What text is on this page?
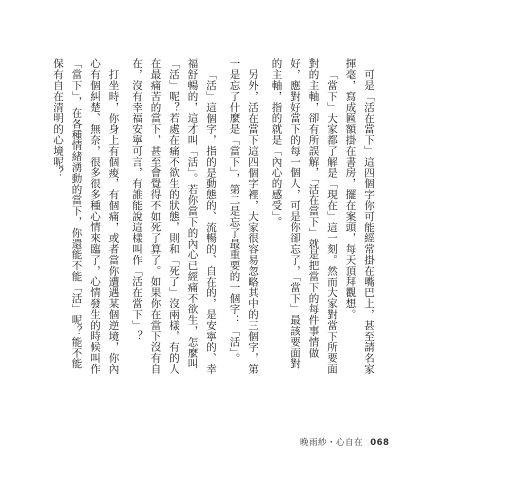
可是「活在當下」這四個字你可能經常掛在嘴巴上，甚至請名家揮毫，寫成匾額掛在書房，擺在案頭，每天頂拜觀想。

「當下」大家都了解是「現在」這一刻。然而大家對當下所要面對的主軸，卻有所誤解，「活在當下」就是把當下的每件事情做好，應對好當下的每一個人，可是你卻忘了，「當下」最該要面對的主軸，指的就是「內心的感受」。

另外，活在當下這四個字裡，大家很容易忽略其中的三個字，第一是忘了什麼是「當下」，第二是忘了最重要的一個字：「活」。

「活」這個字，指的是動態的、流暢的、自在的，是安寧的、幸福舒暢的，這才叫「活」。若你當下的內心已經痛不欲生，怎麼叫「活」呢？若處在痛不欲生的狀態，則和「死了」沒兩樣，有的人在最痛苦的當下，甚至會覺得不如死了算了。如果你在當下沒有自在，沒有幸福安寧可言，有誰能說這樣叫作「活在當下」？

打坐時，你身上有個痠，有個痛，或者當你遭遇某個逆境，你內心有個糾楚、無奈，很多很多種心情來臨了，心情發生的時候叫作「當下」，在各種情緒湧動的當下，你還能不能「活」呢？能不能保有自在清明的心境呢？

晚雨紗・心自在 068
